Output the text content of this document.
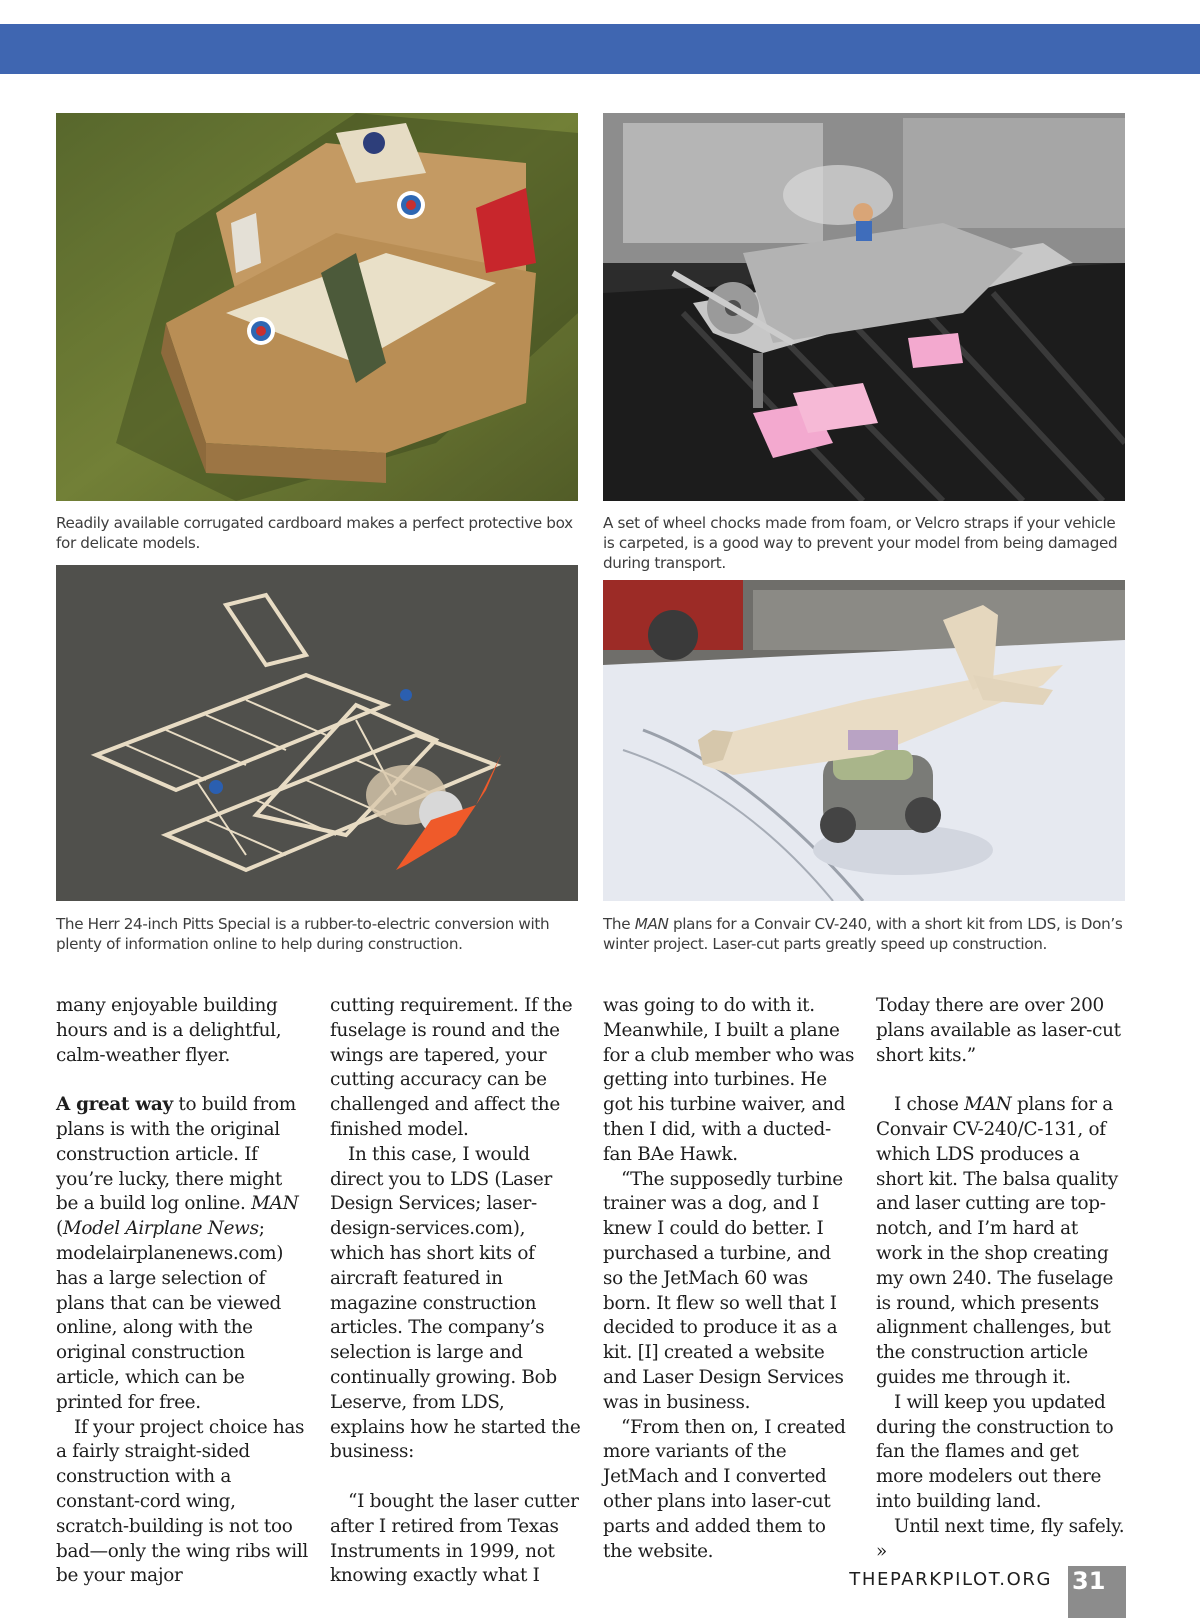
Readily available corrugated cardboard makes a perfect protective box for delicate models.

A set of wheel chocks made from foam, or Velcro straps if your vehicle is carpeted, is a good way to prevent your model from being damaged during transport.

The Herr 24-inch Pitts Special is a rubber-to-electric conversion with plenty of information online to help during construction.

The MAN plans for a Convair CV-240, with a short kit from LDS, is Don’s winter project. Laser-cut parts greatly speed up construction.

many enjoyable building hours and is a delightful, calm-weather flyer.

A great way to build from plans is with the original construction article. If you’re lucky, there might be a build log online. MAN (Model Airplane News; modelairplanenews.com) has a large selection of plans that can be viewed online, along with the original construction article, which can be printed for free.

If your project choice has a fairly straight-sided construction with a constant-cord wing, scratch-building is not too bad—only the wing ribs will be your major

cutting requirement. If the fuselage is round and the wings are tapered, your cutting accuracy can be challenged and affect the finished model.

In this case, I would direct you to LDS (Laser Design Services; laser-design-services.com), which has short kits of aircraft featured in magazine construction articles. The company’s selection is large and continually growing. Bob Leserve, from LDS, explains how he started the business:

“I bought the laser cutter after I retired from Texas Instruments in 1999, not knowing exactly what I

was going to do with it. Meanwhile, I built a plane for a club member who was getting into turbines. He got his turbine waiver, and then I did, with a ducted-fan BAe Hawk.

“The supposedly turbine trainer was a dog, and I knew I could do better. I purchased a turbine, and so the JetMach 60 was born. It flew so well that I decided to produce it as a kit. [I] created a website and Laser Design Services was in business.

“From then on, I created more variants of the JetMach and I converted other plans into laser-cut parts and added them to the website.

Today there are over 200 plans available as laser-cut short kits.”

I chose MAN plans for a Convair CV-240/C-131, of which LDS produces a short kit. The balsa quality and laser cutting are top-notch, and I’m hard at work in the shop creating my own 240. The fuselage is round, which presents alignment challenges, but the construction article guides me through it.

I will keep you updated during the construction to fan the flames and get more modelers out there into building land.

Until next time, fly safely. »

THEPARKPILOT.ORG 31
